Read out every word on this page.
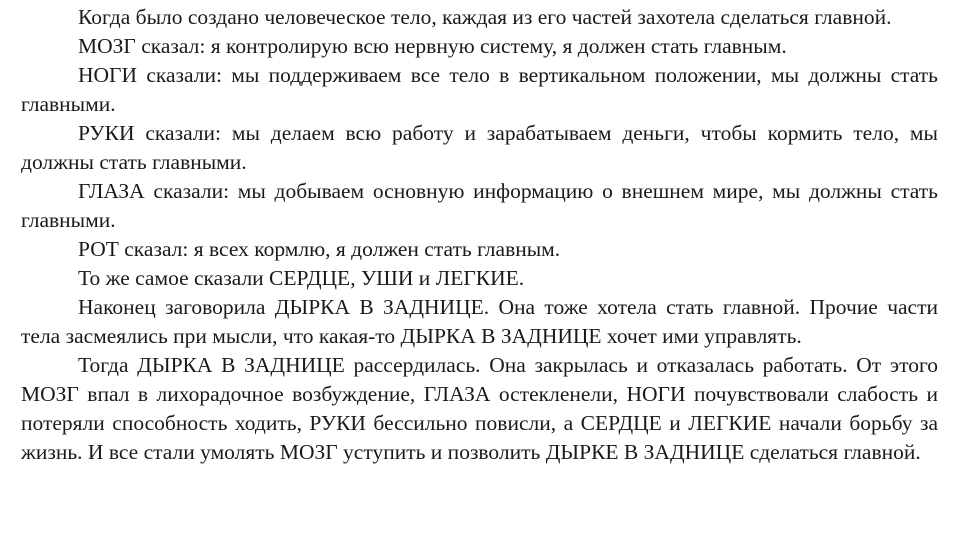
Когда было создано человеческое тело, каждая из его частей захотела сделаться главной.

МОЗГ сказал: я контролирую всю нервную систему, я должен стать главным.

НОГИ сказали: мы поддерживаем все тело в вертикальном положении, мы должны стать главными.

РУКИ сказали: мы делаем всю работу и зарабатываем деньги, чтобы кормить тело, мы должны стать главными.

ГЛАЗА сказали: мы добываем основную информацию о внешнем мире, мы должны стать главными.

РОТ сказал: я всех кормлю, я должен стать главным.

То же самое сказали СЕРДЦЕ, УШИ и ЛЕГКИЕ.

Наконец заговорила ДЫРКА В ЗАДНИЦЕ. Она тоже хотела стать главной. Прочие части тела засмеялись при мысли, что какая-то ДЫРКА В ЗАДНИЦЕ хочет ими управлять.

Тогда ДЫРКА В ЗАДНИЦЕ рассердилась. Она закрылась и отказалась работать. От этого МОЗГ впал в лихорадочное возбуждение, ГЛАЗА остекленели, НОГИ почувствовали слабость и потеряли способность ходить, РУКИ бессильно повисли, а СЕРДЦЕ и ЛЕГКИЕ начали борьбу за жизнь. И все стали умолять МОЗГ уступить и позволить ДЫРКЕ В ЗАДНИЦЕ сделаться главной.
